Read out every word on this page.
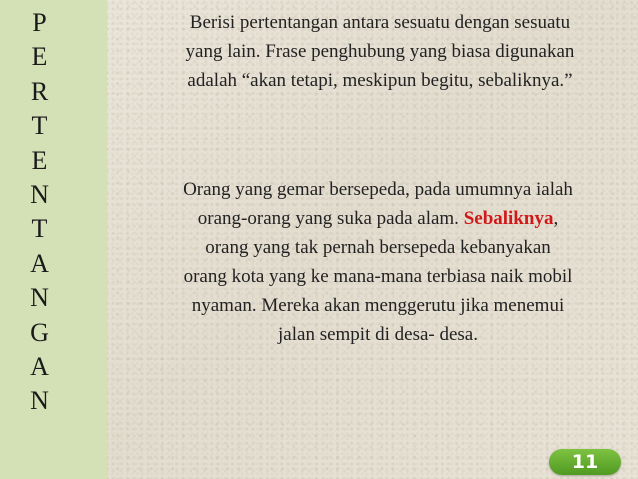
P
E
R
T
E
N
T
A
N
G
A
N
Berisi pertentangan antara sesuatu dengan sesuatu
yang lain. Frase penghubung yang biasa digunakan
adalah “akan tetapi, meskipun begitu, sebaliknya.”
Orang yang gemar bersepeda, pada umumnya ialah
orang-orang yang suka pada alam. Sebaliknya,
orang yang tak pernah bersepeda kebanyakan
orang kota yang ke mana-mana terbiasa naik mobil
nyaman. Mereka akan menggerutu jika menemui
jalan sempit di desa- desa.
11
